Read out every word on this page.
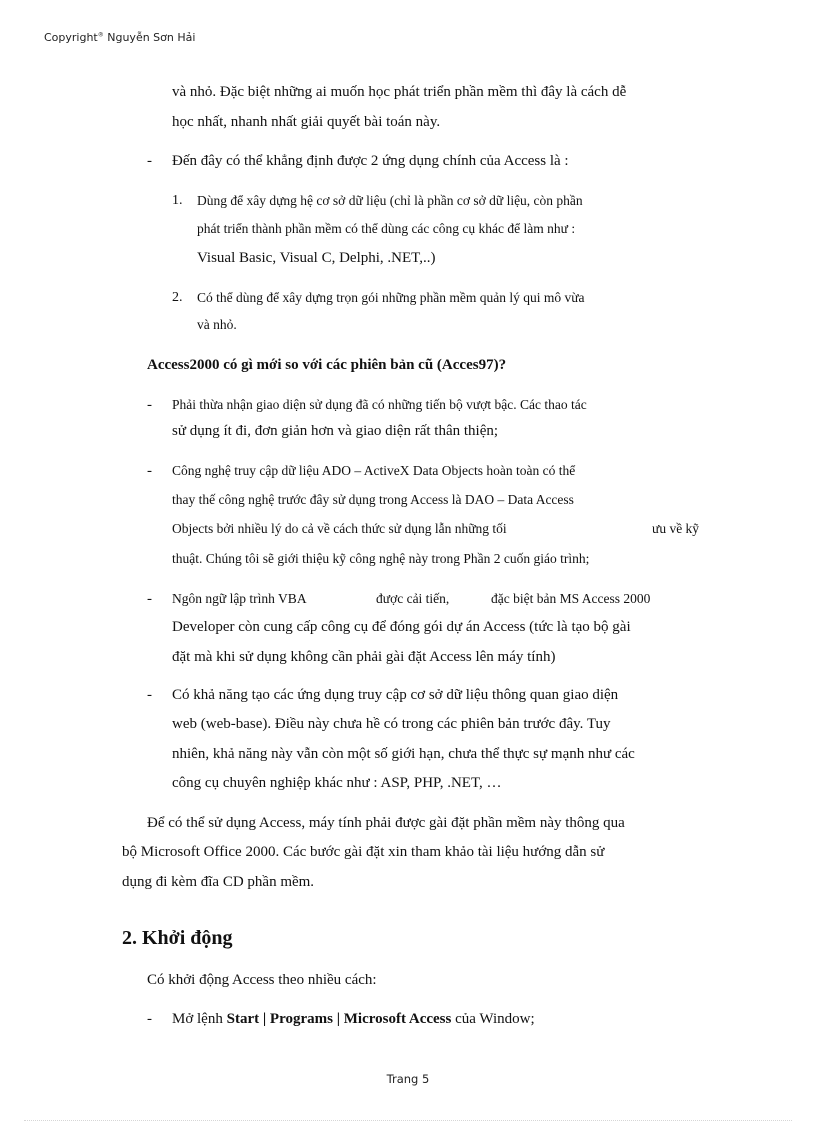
Copyright® Nguyễn Sơn Hải
và nhỏ. Đặc biệt những ai muốn học phát triển phần mềm thì đây là cách dễ
học nhất, nhanh nhất giải quyết bài toán này.
- Đến đây có thể khẳng định được 2 ứng dụng chính của Access là :
1. Dùng để xây dựng hệ cơ sở dữ liệu (chỉ là phần cơ sở dữ liệu, còn phần
phát triển thành phần mềm có thể dùng các công cụ khác để làm như :
Visual Basic, Visual C, Delphi, .NET,..)
2. Có thể dùng để xây dựng trọn gói những phần mềm quản lý qui mô vừa
và nhỏ.
Access2000 có gì mới so với các phiên bản cũ (Acces97)?
- Phải thừa nhận giao diện sử dụng đã có những tiến bộ vượt bậc. Các thao tác
sử dụng ít đi, đơn giản hơn và giao diện rất thân thiện;
- Công nghệ truy cập dữ liệu ADO – ActiveX Data Objects hoàn toàn có thể
thay thế công nghệ trước đây sử dụng trong Access là DAO – Data Access
Objects bởi nhiều lý do cả về cách thức sử dụng lẫn những tối	ưu về kỹ
thuật. Chúng tôi sẽ giới thiệu kỹ công nghệ này trong Phần 2 cuốn giáo trình;
- Ngôn ngữ lập trình VBA	được cải tiến,	đặc biệt bản MS Access 2000
Developer còn cung cấp công cụ để đóng gói dự án Access (tức là tạo bộ gài
đặt mà khi sử dụng không cần phải gài đặt Access lên máy tính)
- Có khả năng tạo các ứng dụng truy cập cơ sở dữ liệu thông quan giao diện
web (web-base). Điều này chưa hề có trong các phiên bản trước đây. Tuy
nhiên, khả năng này vẫn còn một số giới hạn, chưa thể thực sự mạnh như các
công cụ chuyên nghiệp khác như : ASP, PHP, .NET, …
Để có thể sử dụng Access, máy tính phải được gài đặt phần mềm này thông qua
bộ Microsoft Office 2000. Các bước gài đặt xin tham khảo tài liệu hướng dẫn sử
dụng đi kèm đĩa CD phần mềm.
2. Khởi động
Có khởi động Access theo nhiều cách:
- Mở lệnh Start | Programs | Microsoft Access của Window;
Trang 5
